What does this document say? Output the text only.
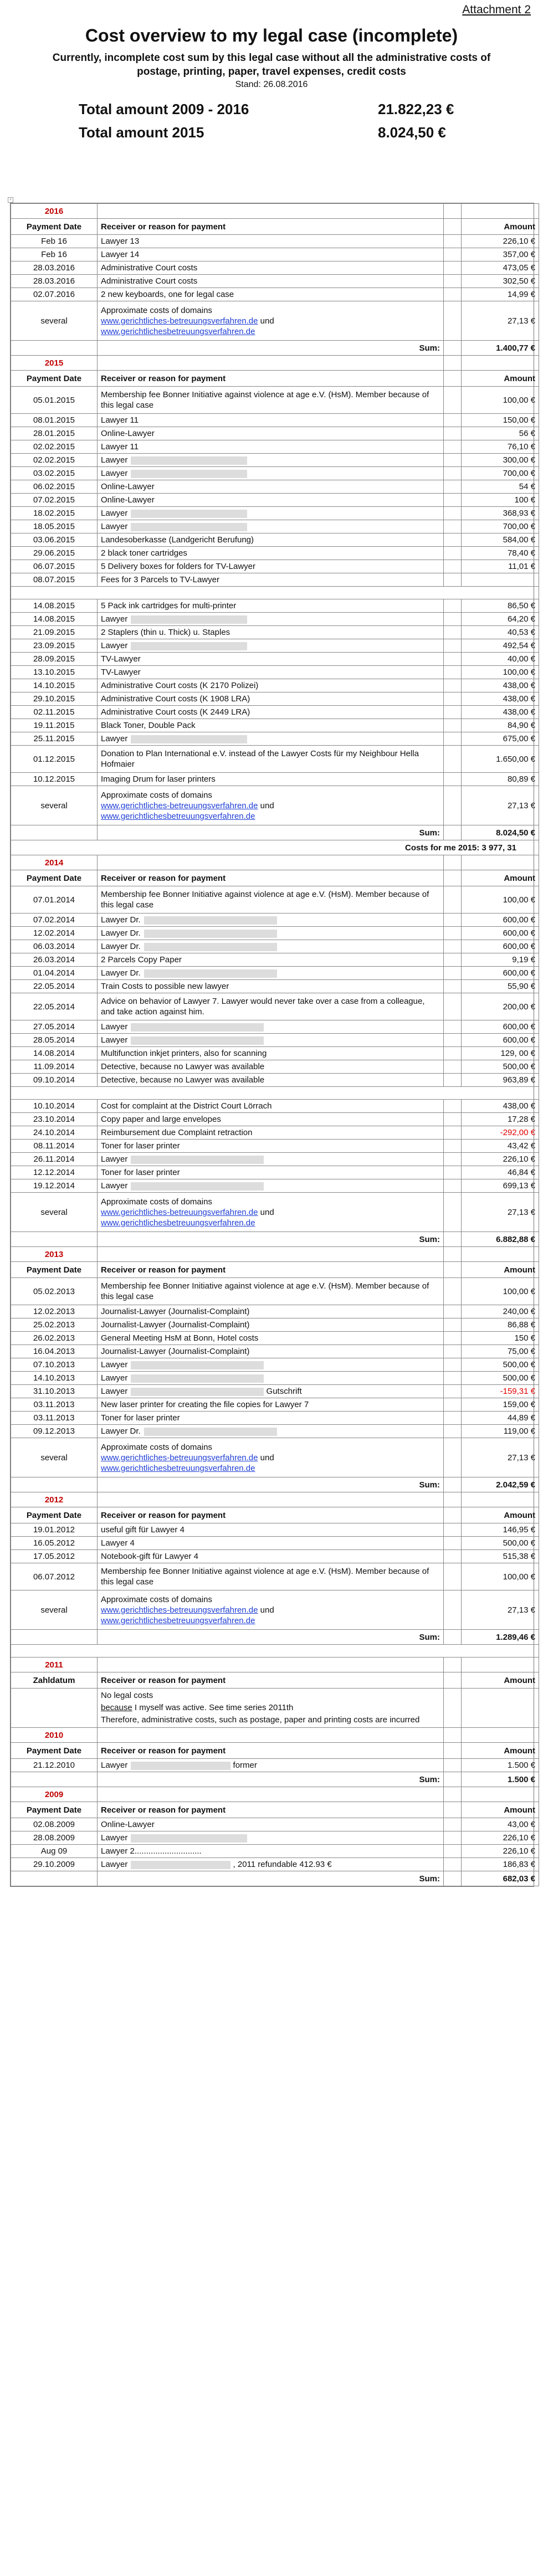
Attachment 2
Cost overview to my legal case (incomplete)
Currently, incomplete cost sum by this legal case without all the administrative costs of postage, printing, paper, travel expenses, credit costs
Stand: 26.08.2016
Total amount 2009 - 2016	21.822,23 €
Total amount 2015	8.024,50 €
+
2016			
Payment Date	Receiver or reason for payment		Amount
Feb 16	Lawyer 13		226,10 €
Feb 16	Lawyer 14		357,00 €
28.03.2016	Administrative Court costs		473,05 €
28.03.2016	Administrative Court costs		302,50 €
02.07.2016	2 new keyboards, one for legal case		14,99 €
several	Approximate costs of domains
www.gerichtliches-betreuungsverfahren.de und
www.gerichtlichesbetreuungsverfahren.de		27,13 €
	Sum:		1.400,77 €
2015			
Payment Date	Receiver or reason for payment		Amount
05.01.2015	Membership fee Bonner Initiative against violence at age e.V. (HsM). Member because of this legal case		100,00 €
08.01.2015	Lawyer 11		150,00 €
28.01.2015	Online-Lawyer		56 €
02.02.2015	Lawyer 11		76,10 €
02.02.2015	Lawyer		300,00 €
03.02.2015	Lawyer		700,00 €
06.02.2015	Online-Lawyer		54 €
07.02.2015	Online-Lawyer		100 €
18.02.2015	Lawyer		368,93 €
18.05.2015	Lawyer		700,00 €
03.06.2015	Landesoberkasse (Landgericht Berufung)		584,00 €
29.06.2015	2 black toner cartridges		78,40 €
06.07.2015	5 Delivery boxes for folders for TV-Lawyer		11,01 €
08.07.2015	Fees for 3 Parcels to TV-Lawyer		

14.08.2015	5 Pack ink cartridges for multi-printer		86,50 €
14.08.2015	Lawyer		64,20 €
21.09.2015	2 Staplers (thin u. Thick) u. Staples		40,53 €
23.09.2015	Lawyer		492,54 €
28.09.2015	TV-Lawyer		40,00 €
13.10.2015	TV-Lawyer		100,00 €
14.10.2015	Administrative Court costs (K 2170 Polizei)		438,00 €
29.10.2015	Administrative Court costs (K 1908 LRA)		438,00 €
02.11.2015	Administrative Court costs (K 2449 LRA)		438,00 €
19.11.2015	Black Toner, Double Pack		84,90 €
25.11.2015	Lawyer		675,00 €
01.12.2015	Donation to Plan International e.V. instead of the Lawyer Costs für my Neighbour Hella Hofmaier		1.650,00 €
10.12.2015	Imaging Drum for laser printers		80,89 €
several	Approximate costs of domains
www.gerichtliches-betreuungsverfahren.de und
www.gerichtlichesbetreuungsverfahren.de		27,13 €
	Sum:		8.024,50 €
Costs for me 2015: 3 977, 31			
2014			
Payment Date	Receiver or reason for payment		Amount
07.01.2014	Membership fee Bonner Initiative against violence at age e.V. (HsM). Member because of this legal case		100,00 €
07.02.2014	Lawyer Dr.		600,00 €
12.02.2014	Lawyer Dr.		600,00 €
06.03.2014	Lawyer Dr.		600,00 €
26.03.2014	2 Parcels Copy Paper		9,19 €
01.04.2014	Lawyer Dr.		600,00 €
22.05.2014	Train Costs to possible new lawyer		55,90 €
22.05.2014	Advice on behavior of Lawyer 7. Lawyer would never take over a case from a colleague, and take action against him.		200,00 €
27.05.2014	Lawyer		600,00 €
28.05.2014	Lawyer		600,00 €
14.08.2014	Multifunction inkjet printers, also for scanning		129, 00 €
11.09.2014	Detective, because no Lawyer was available		500,00 €
09.10.2014	Detective, because no Lawyer was available		963,89 €

10.10.2014	Cost for complaint at the District Court Lörrach		438,00 €
23.10.2014	Copy paper and large envelopes		17,28 €
24.10.2014	Reimbursement due Complaint retraction		-292,00 €
08.11.2014	Toner for laser printer		43,42 €
26.11.2014	Lawyer		226,10 €
12.12.2014	Toner for laser printer		46,84 €
19.12.2014	Lawyer		699,13 €
several	Approximate costs of domains
www.gerichtliches-betreuungsverfahren.de und
www.gerichtlichesbetreuungsverfahren.de		27,13 €
	Sum:		6.882,88 €
2013			
Payment Date	Receiver or reason for payment		Amount
05.02.2013	Membership fee Bonner Initiative against violence at age e.V. (HsM). Member because of this legal case		100,00 €
12.02.2013	Journalist-Lawyer (Journalist-Complaint)		240,00 €
25.02.2013	Journalist-Lawyer (Journalist-Complaint)		86,88 €
26.02.2013	General Meeting HsM at Bonn, Hotel costs		150 €
16.04.2013	Journalist-Lawyer (Journalist-Complaint)		75,00 €
07.10.2013	Lawyer		500,00 €
14.10.2013	Lawyer		500,00 €
31.10.2013	Lawyer Gutschrift		-159,31 €
03.11.2013	New laser printer for creating the file copies for Lawyer 7		159,00 €
03.11.2013	Toner for laser printer		44,89 €
09.12.2013	Lawyer Dr.		119,00 €
several	Approximate costs of domains
www.gerichtliches-betreuungsverfahren.de und
www.gerichtlichesbetreuungsverfahren.de		27,13 €
	Sum:		2.042,59 €
2012			
Payment Date	Receiver or reason for payment		Amount
19.01.2012	useful gift für Lawyer 4		146,95 €
16.05.2012	Lawyer 4		500,00 €
17.05.2012	Notebook-gift für Lawyer 4		515,38 €
06.07.2012	Membership fee Bonner Initiative against violence at age e.V. (HsM). Member because of this legal case		100,00 €
several	Approximate costs of domains
www.gerichtliches-betreuungsverfahren.de und
www.gerichtlichesbetreuungsverfahren.de		27,13 €
	Sum:		1.289,46 €

2011			
Zahldatum	Receiver or reason for payment		Amount

	No legal costs
because I myself was active. See time series 2011th
Therefore, administrative costs, such as postage, paper and printing costs are incurred		

2010			
Payment Date	Receiver or reason for payment		Amount
21.12.2010	Lawyer former		1.500 €
	Sum:		1.500 €
2009			
Payment Date	Receiver or reason for payment		Amount
02.08.2009	Online-Lawyer		43,00 €
28.08.2009	Lawyer		226,10 €
Aug 09	Lawyer 2.............................		226,10 €
29.10.2009	Lawyer , 2011 refundable 412.93 €		186,83 €
	Sum:		682,03 €
